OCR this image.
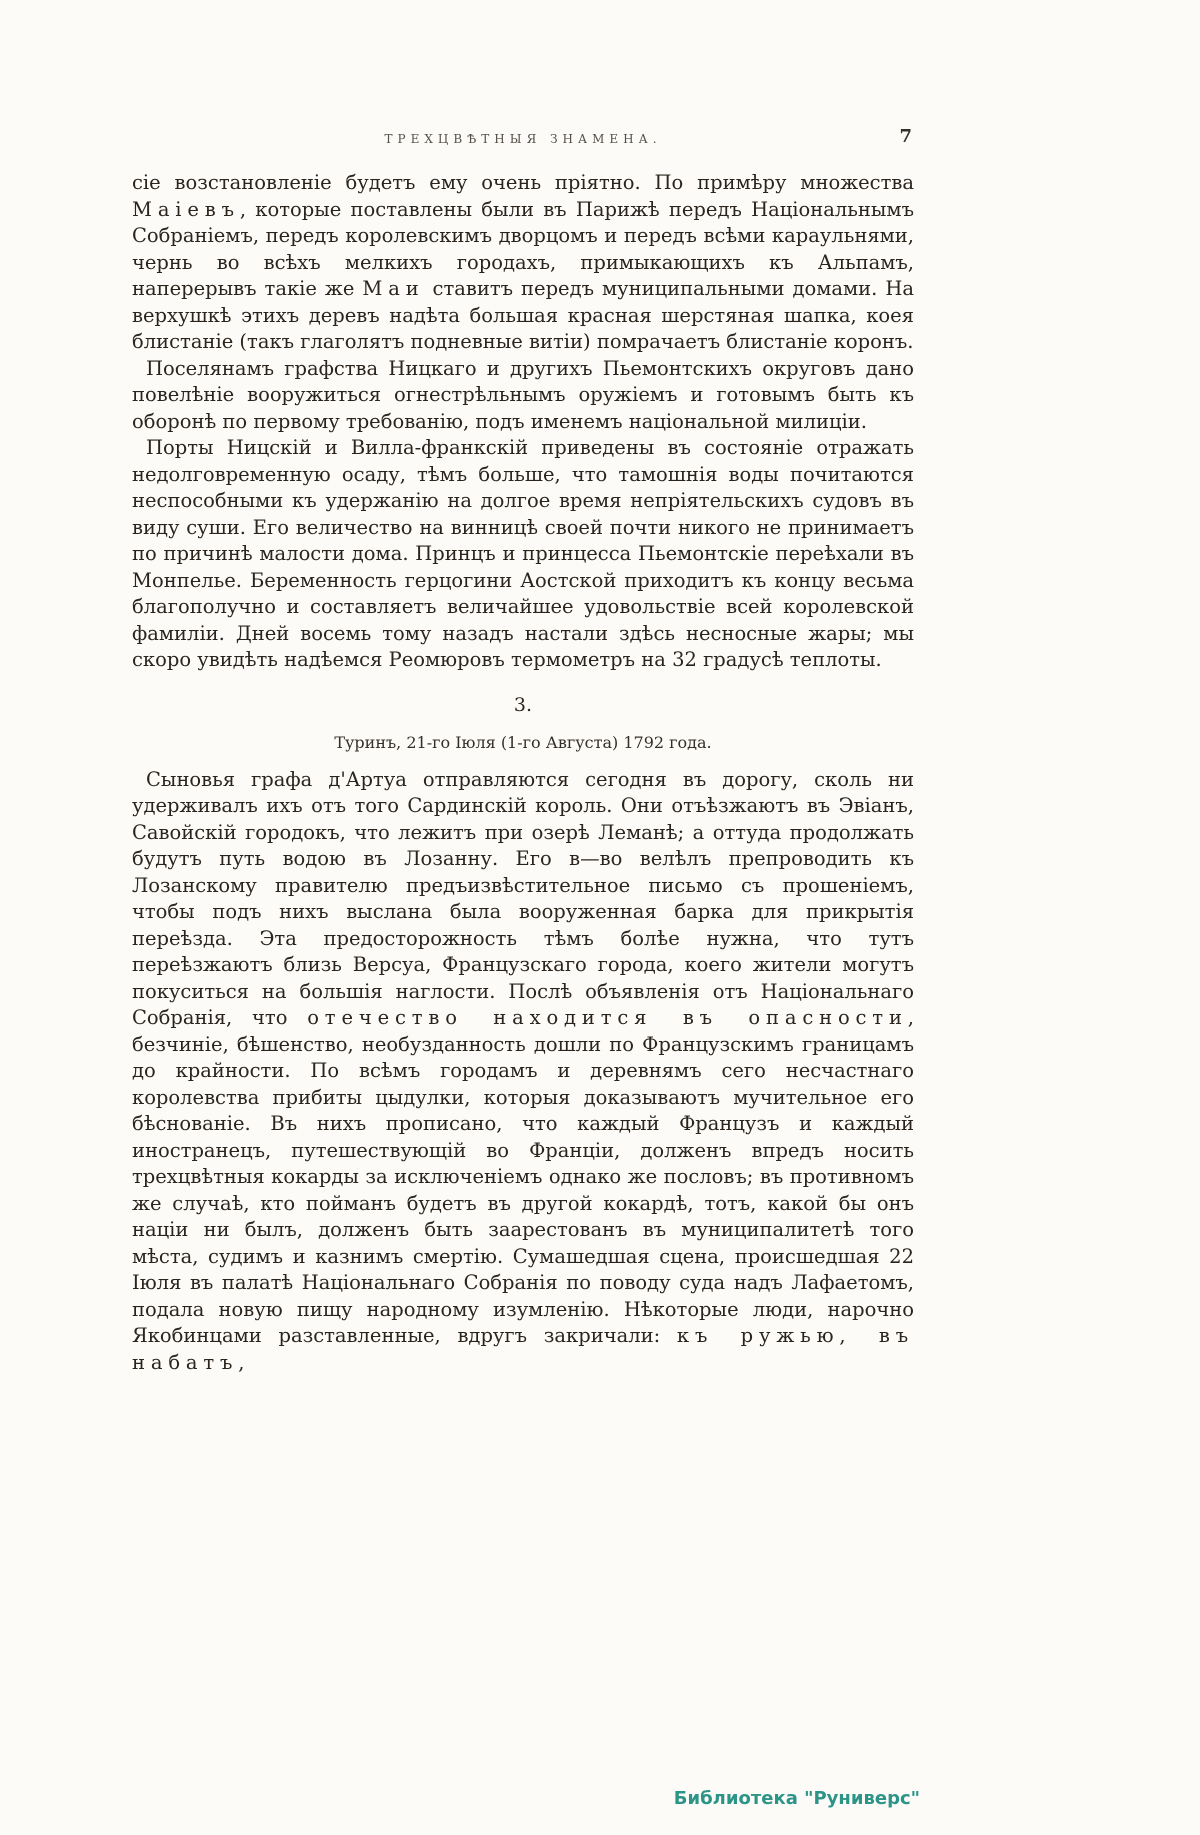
ТРЕХЦВѢТНЫЯ ЗНАМЕНА.	7

сіе возстановленіе будетъ ему очень пріятно. По примѣру множества Маіевъ, которые поставлены были въ Парижѣ передъ Національнымъ Собраніемъ, передъ королевскимъ дворцомъ и передъ всѣми караульнями, чернь во всѣхъ мелкихъ городахъ, примыкающихъ къ Альпамъ, наперерывъ такіе же Маи ставитъ передъ муниципальными домами. На верхушкѣ этихъ деревъ надѣта большая красная шерстяная шапка, коея блистаніе (такъ глаголятъ подневные витіи) помрачаетъ блистаніе коронъ.

Поселянамъ графства Ницкаго и другихъ Пьемонтскихъ округовъ дано повелѣніе вооружиться огнестрѣльнымъ оружіемъ и готовымъ быть къ оборонѣ по первому требованію, подъ именемъ національной милиціи.

Порты Ницскій и Вилла-франкскій приведены въ состояніе отражать недолговременную осаду, тѣмъ больше, что тамошнія воды почитаются неспособными къ удержанію на долгое время непріятельскихъ судовъ въ виду суши. Его величество на винницѣ своей почти никого не принимаетъ по причинѣ малости дома. Принцъ и принцесса Пьемонтскіе переѣхали въ Монпелье. Беременность герцогини Аостской приходитъ къ концу весьма благополучно и составляетъ величайшее удовольствіе всей королевской фамиліи. Дней восемь тому назадъ настали здѣсь несносные жары; мы скоро увидѣть надѣемся Реомюровъ термометръ на 32 градусѣ теплоты.

3.
Туринъ, 21-го Іюля (1-го Августа) 1792 года.

Сыновья графа д'Артуа отправляются сегодня въ дорогу, сколь ни удерживалъ ихъ отъ того Сардинскій король. Они отъѣзжаютъ въ Эвіанъ, Савойскій городокъ, что лежитъ при озерѣ Леманѣ; а оттуда продолжать будутъ путь водою въ Лозанну. Его в—во велѣлъ препроводить къ Лозанскому правителю предъизвѣстительное письмо съ прошеніемъ, чтобы подъ нихъ выслана была вооруженная барка для прикрытія переѣзда. Эта предосторожность тѣмъ болѣе нужна, что тутъ переѣзжаютъ близь Версуа, Французскаго города, коего жители могутъ покуситься на большія наглости. Послѣ объявленія отъ Національнаго Собранія, что отечество находится въ опасности, безчиніе, бѣшенство, необузданность дошли по Французскимъ границамъ до крайности. По всѣмъ городамъ и деревнямъ сего несчастнаго королевства прибиты цыдулки, которыя доказываютъ мучительное его бѣснованіе. Въ нихъ прописано, что каждый Французъ и каждый иностранецъ, путешествующій во Франціи, долженъ впредъ носить трехцвѣтныя кокарды за исключеніемъ однако же пословъ; въ противномъ же случаѣ, кто пойманъ будетъ въ другой кокардѣ, тотъ, какой бы онъ націи ни былъ, долженъ быть заарестованъ въ муниципалитетѣ того мѣста, судимъ и казнимъ смертію. Сумашедшая сцена, происшедшая 22 Іюля въ палатѣ Національнаго Собранія по поводу суда надъ Лафаетомъ, подала новую пищу народному изумленію. Нѣкоторые люди, нарочно Якобинцами разставленные, вдругъ закричали: къ ружью, въ набатъ,

Библиотека "Руниверс"
